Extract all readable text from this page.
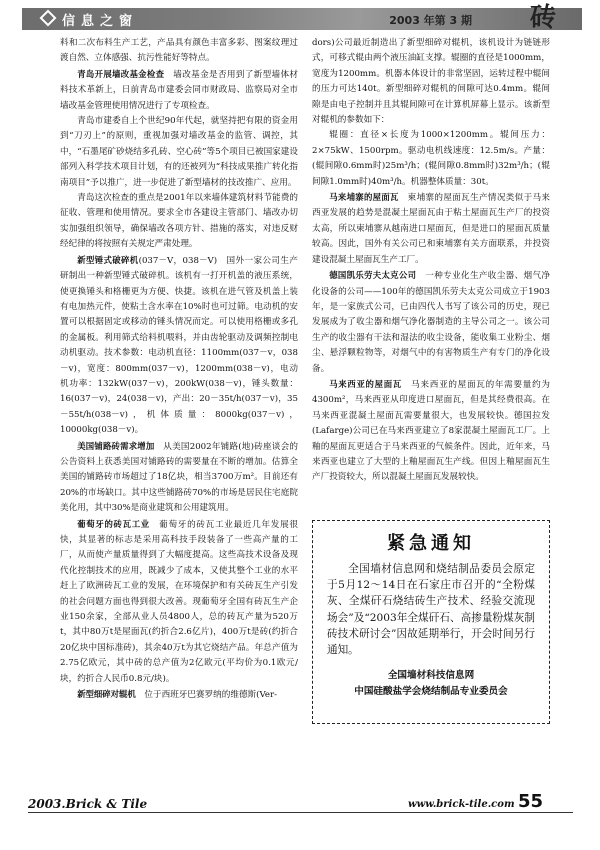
信息之窗	2003 年第 3 期 砖

料和二次布料生产工艺，产品具有颜色丰富多彩、图案纹理过渡自然、立体感强、抗污性能好等特点。

青岛开展墙改基金检查　墙改基金是否用到了新型墙体材料技术革新上，日前青岛市建委会同市财政局、监察局对全市墙改基金管理使用情况进行了专项检查。

青岛市建委自上个世纪90年代起，就坚持把有限的资金用到“刀刃上”的原则，重视加强对墙改基金的监管、调控，其中，“石墨尾矿砂烧结多孔砖、空心砖”等5个项目已被国家建设部列入科学技术项目计划，有的还被列为“科技成果推广转化指南项目”予以推广，进一步促进了新型墙材的技改推广、应用。

青岛这次检查的重点是2001年以来墙体建筑材料节能费的征收、管理和使用情况。要求全市各建设主管部门、墙改办切实加强组织领导，确保墙改各项方针、措施的落实，对违反财经纪律的将按照有关规定严肃处理。

新型锤式破碎机(037－V，038－V)　国外一家公司生产研制出一种新型锤式破碎机。该机有一打开机盖的液压系统，使更换锤头和格栅更为方便、快捷。该机在进气管及机盖上装有电加热元件，使粘土含水率在10%时也可过筛。电动机的安置可以根据固定或移动的锤头情况而定。可以使用格栅或多孔的金属板。利用筛式给料机喂料，并由齿轮驱动及调频控制电动机驱动。技术参数：电动机直径：1100mm(037－v，038－v)，宽度：800mm(037－v)，1200mm(038－v)，电动机功率：132kW(037－v)，200kW(038－v)，锤头数量：16(037－v)，24(038－v)，产出：20－35t/h(037－v)，35－55t/h(038－v)，机体质量：8000kg(037－v)，10000kg(038－v)。

美国铺路砖需求增加　从美国2002年铺路(地)砖座谈会的公告资料上获悉美国对铺路砖的需要量在不断的增加。估算全美国的铺路砖市场超过了18亿块，相当3700万m²。目前还有20%的市场缺口。其中这些铺路砖70%的市场是居民住宅庭院美化用，其中30%是商业建筑和公用建筑用。

葡萄牙的砖瓦工业　葡萄牙的砖瓦工业最近几年发展很快，其显著的标志是采用高科技手段装备了一些高产量的工厂，从而使产量质量得到了大幅度提高。这些高技术设备及现代化控制技术的应用，既减少了成本，又使其整个工业的水平赶上了欧洲砖瓦工业的发展，在环境保护和有关砖瓦生产引发的社会问题方面也得到很大改善。现葡萄牙全国有砖瓦生产企业150余家，全部从业人员4800人，总的砖瓦产量为520万t，其中80万t是屋面瓦(约折合2.6亿片)，400万t是砖(约折合20亿块中国标准砖)，其余40万t为其它烧结产品。年总产值为2.75亿欧元，其中砖的总产值为2亿欧元(平均价为0.1欧元/块，约折合人民币0.8元/块)。

新型细碎对辊机　位于西班牙巴赛罗纳的维德斯(Ver-

dors)公司最近制造出了新型细碎对辊机，该机设计为链链形式，可移式辊由两个液压油缸支撑。辊圈的直径是1000mm，宽度为1200mm。机器本体设计的非常坚固，运转过程中辊间的压力可达140t。新型细碎对辊机的间隙可达0.4mm。辊间隙是由电子控制并且其辊间隙可在计算机屏幕上显示。该新型对辊机的参数如下：

辊圈：直径×长度为1000×1200mm。辊间压力：2×75kW、1500rpm。驱动电机线速度：12.5m/s。产量：(辊间隙0.6mm时)25m³/h；(辊间隙0.8mm时)32m³/h；(辊间隙1.0mm时)40m³/h。机器整体质量：30t。

马来埔寨的屋面瓦　柬埔寨的屋面瓦生产情况类似于马来西亚发展的趋势是混凝土屋面瓦由于粘土屋面瓦生产厂的投资太高，所以柬埔寨从越南进口屋面瓦，但是进口的屋面瓦质量较高。因此，国外有关公司已和柬埔寨有关方面联系，并投资建设混凝土屋面瓦生产工厂。

德国凯乐劳夫太克公司　一种专业化生产收尘器、烟气净化设备的公司——100年的德国凯乐劳夫太克公司成立于1903年，是一家族式公司，已由四代人书写了该公司的历史，现已发展成为了收尘器和烟气净化器制造的主导公司之一。该公司生产的收尘器有干法和湿法的收尘设备，能收集工业粉尘、烟尘、悬浮颗粒物等，对烟气中的有害物质生产有专门的净化设备。

马来西亚的屋面瓦　马来西亚的屋面瓦的年需要量约为4300m²，马来西亚从印度进口屋面瓦，但是其经费很高。在马来西亚混凝土屋面瓦需要量很大，也发展较快。德国拉发(Lafarge)公司已在马来西亚建立了8家混凝土屋面瓦工厂。上釉的屋面瓦更适合于马来西亚的气候条件。因此，近年来，马来西亚也建立了大型的上釉屋面瓦生产线。但因上釉屋面瓦生产厂投资较大，所以混凝土屋面瓦发展较快。

紧急通知
全国墙材信息网和烧结制品委员会原定于5月12～14日在石家庄市召开的“全粉煤灰、全煤矸石烧结砖生产技术、经验交流现场会”及“2003年全煤矸石、高掺量粉煤灰制砖技术研讨会”因故延期举行，开会时间另行通知。
全国墙材科技信息网
中国硅酸盐学会烧结制品专业委员会
2003.Brick & Tile	www.brick-tile.com 55
